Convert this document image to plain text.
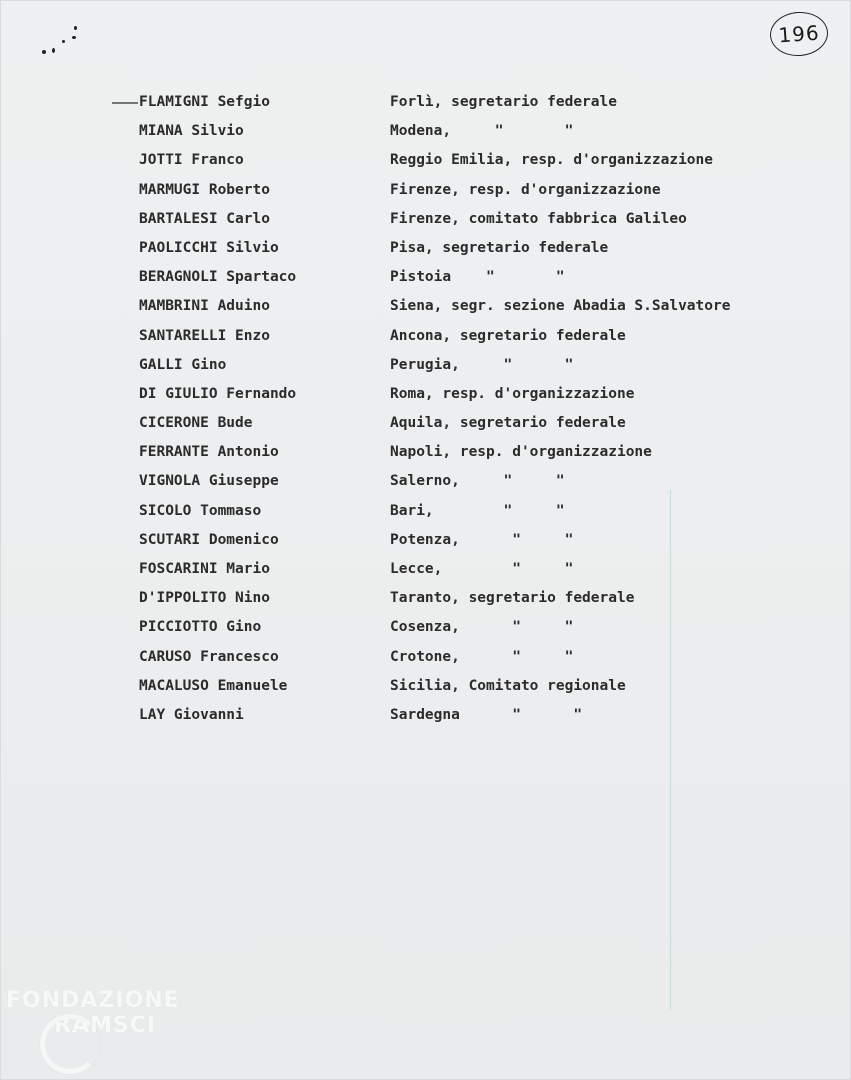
196
FLAMIGNI Sefgio	Forlì, segretario federale
MIANA Silvio	Modena,     "       "
JOTTI Franco	Reggio Emilia, resp. d'organizzazione
MARMUGI Roberto	Firenze, resp. d'organizzazione
BARTALESI Carlo	Firenze, comitato fabbrica Galileo
PAOLICCHI Silvio	Pisa, segretario federale
BERAGNOLI Spartaco	Pistoia    "       "
MAMBRINI Aduino	Siena, segr. sezione Abadia S.Salvatore
SANTARELLI Enzo	Ancona, segretario federale
GALLI Gino	Perugia,     "      "
DI GIULIO Fernando	Roma, resp. d'organizzazione
CICERONE Bude	Aquila, segretario federale
FERRANTE Antonio	Napoli, resp. d'organizzazione
VIGNOLA Giuseppe	Salerno,     "     "
SICOLO Tommaso	Bari,        "     "
SCUTARI Domenico	Potenza,      "     "
FOSCARINI Mario	Lecce,        "     "
D'IPPOLITO Nino	Taranto, segretario federale
PICCIOTTO Gino	Cosenza,      "     "
CARUSO Francesco	Crotone,      "     "
MACALUSO Emanuele	Sicilia, Comitato regionale
LAY Giovanni	Sardegna      "      "
FONDAZIONE
RAMSCI
